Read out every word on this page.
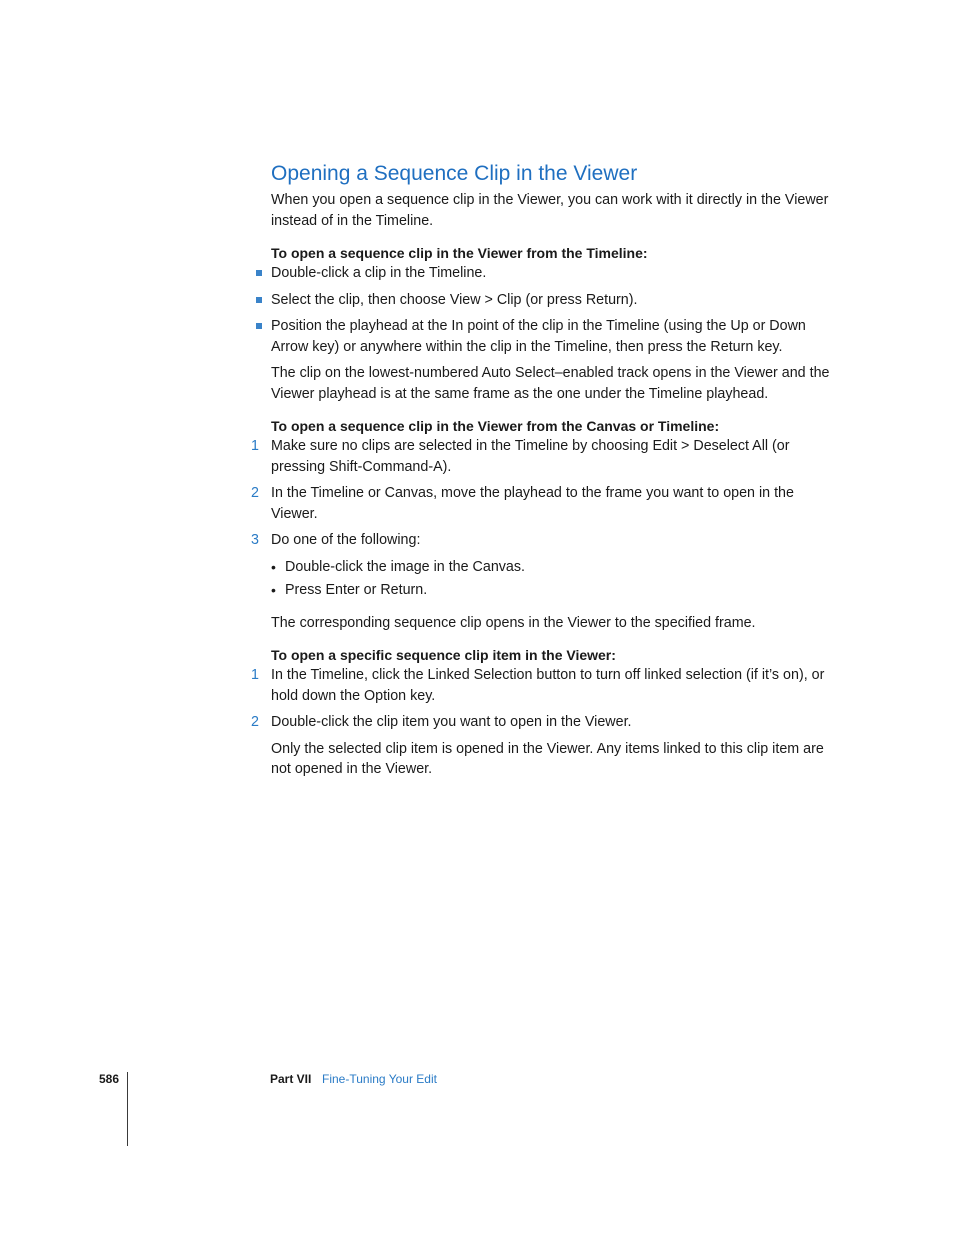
Opening a Sequence Clip in the Viewer

When you open a sequence clip in the Viewer, you can work with it directly in the Viewer instead of in the Timeline.

To open a sequence clip in the Viewer from the Timeline:

Double-click a clip in the Timeline.

Select the clip, then choose View > Clip (or press Return).

Position the playhead at the In point of the clip in the Timeline (using the Up or Down Arrow key) or anywhere within the clip in the Timeline, then press the Return key.

The clip on the lowest-numbered Auto Select–enabled track opens in the Viewer and the Viewer playhead is at the same frame as the one under the Timeline playhead.

To open a sequence clip in the Viewer from the Canvas or Timeline:

1 Make sure no clips are selected in the Timeline by choosing Edit > Deselect All (or pressing Shift-Command-A).

2 In the Timeline or Canvas, move the playhead to the frame you want to open in the Viewer.

3 Do one of the following:

• Double-click the image in the Canvas.

• Press Enter or Return.

The corresponding sequence clip opens in the Viewer to the specified frame.

To open a specific sequence clip item in the Viewer:

1 In the Timeline, click the Linked Selection button to turn off linked selection (if it’s on), or hold down the Option key.

2 Double-click the clip item you want to open in the Viewer.

Only the selected clip item is opened in the Viewer. Any items linked to this clip item are not opened in the Viewer.

586	Part VII Fine-Tuning Your Edit
